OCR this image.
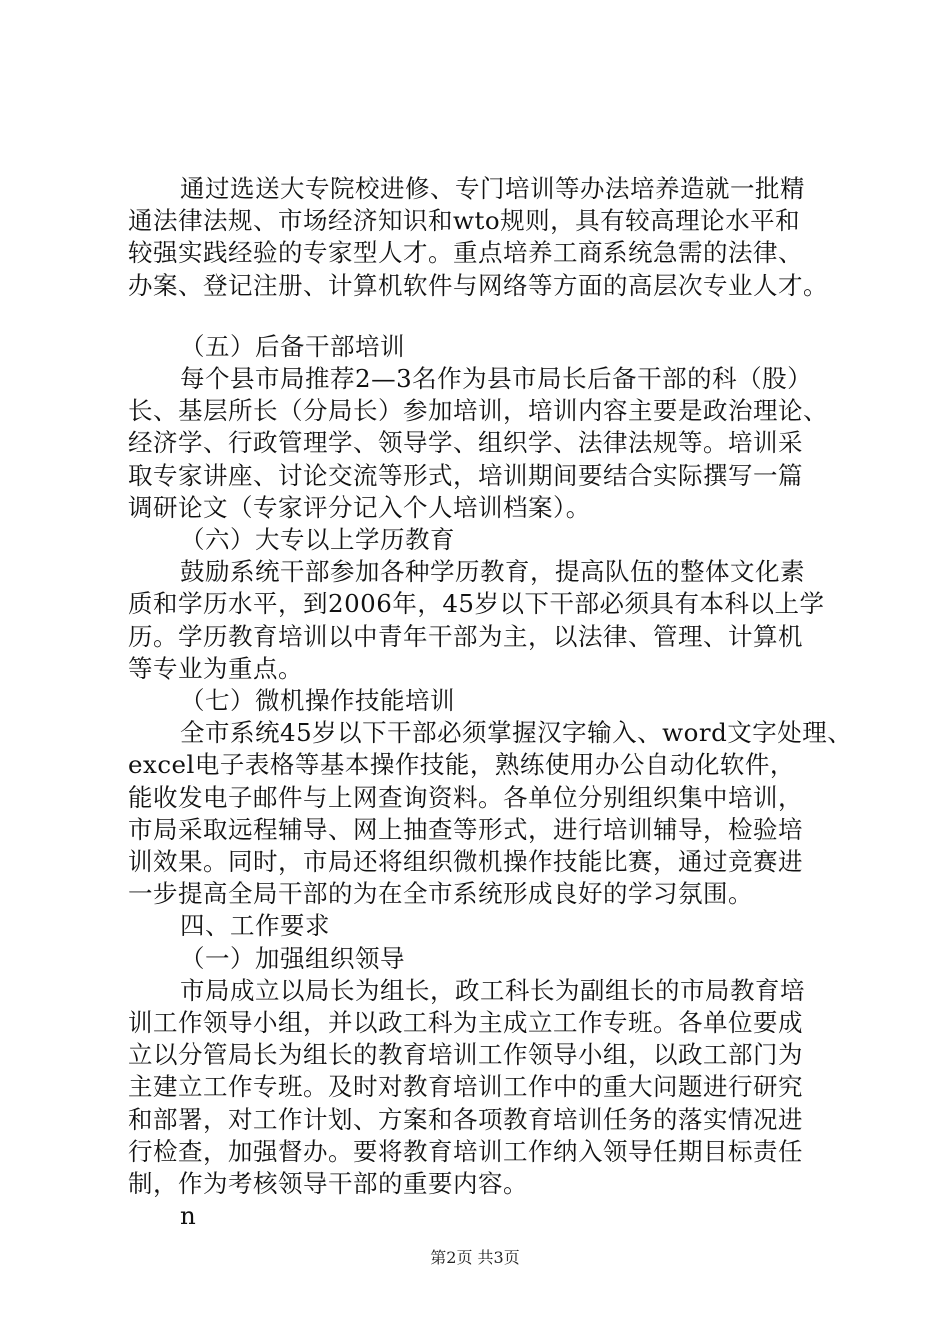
通过选送大专院校进修、专门培训等办法培养造就一批精
通法律法规、市场经济知识和wto规则，具有较高理论水平和
较强实践经验的专家型人才。重点培养工商系统急需的法律、
办案、登记注册、计算机软件与网络等方面的高层次专业人才。
（五）后备干部培训
每个县市局推荐2—3名作为县市局长后备干部的科（股）
长、基层所长（分局长）参加培训，培训内容主要是政治理论、
经济学、行政管理学、领导学、组织学、法律法规等。培训采
取专家讲座、讨论交流等形式，培训期间要结合实际撰写一篇
调研论文（专家评分记入个人培训档案）。
（六）大专以上学历教育
鼓励系统干部参加各种学历教育，提高队伍的整体文化素
质和学历水平，到2006年，45岁以下干部必须具有本科以上学
历。学历教育培训以中青年干部为主，以法律、管理、计算机
等专业为重点。
（七）微机操作技能培训
全市系统45岁以下干部必须掌握汉字输入、word文字处理、
excel电子表格等基本操作技能，熟练使用办公自动化软件，
能收发电子邮件与上网查询资料。各单位分别组织集中培训，
市局采取远程辅导、网上抽查等形式，进行培训辅导，检验培
训效果。同时，市局还将组织微机操作技能比赛，通过竞赛进
一步提高全局干部的为在全市系统形成良好的学习氛围。
四、工作要求
（一）加强组织领导
市局成立以局长为组长，政工科长为副组长的市局教育培
训工作领导小组，并以政工科为主成立工作专班。各单位要成
立以分管局长为组长的教育培训工作领导小组，以政工部门为
主建立工作专班。及时对教育培训工作中的重大问题进行研究
和部署，对工作计划、方案和各项教育培训任务的落实情况进
行检查，加强督办。要将教育培训工作纳入领导任期目标责任
制，作为考核领导干部的重要内容。
n
第2页 共3页
